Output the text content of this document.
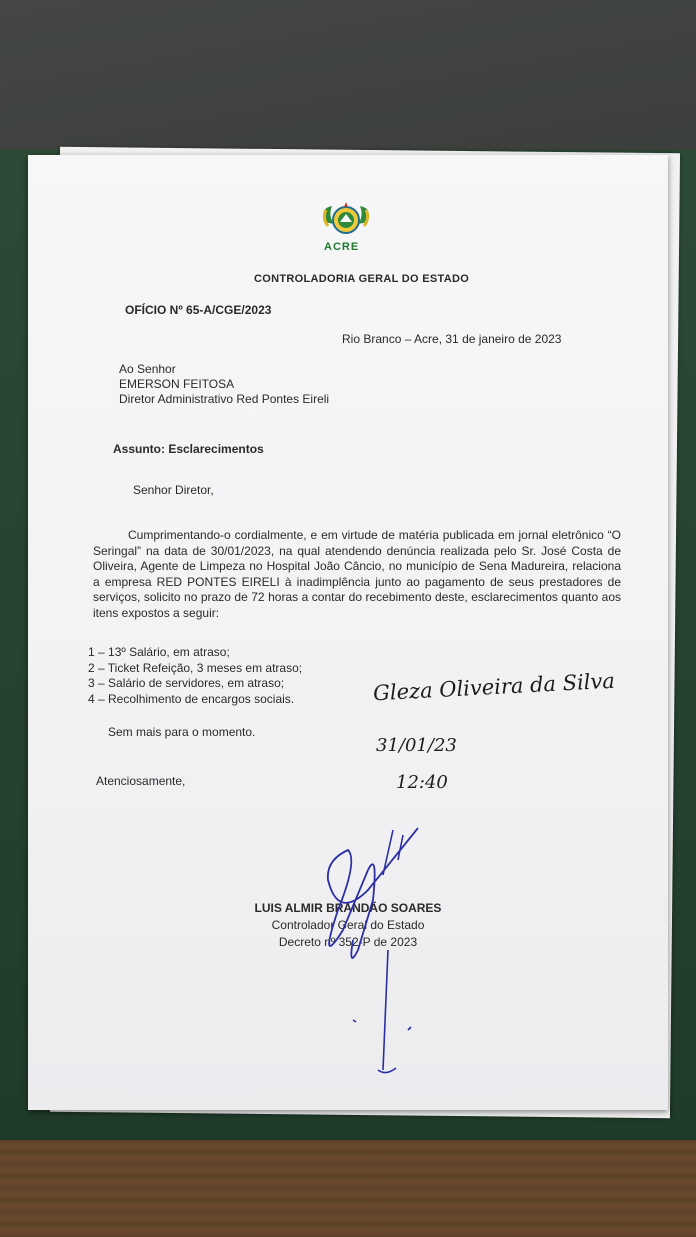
ACRE
CONTROLADORIA GERAL DO ESTADO
OFÍCIO Nº 65-A/CGE/2023
Rio Branco – Acre, 31 de janeiro de 2023
Ao Senhor
EMERSON FEITOSA
Diretor Administrativo Red Pontes Eireli
Assunto: Esclarecimentos
Senhor Diretor,
Cumprimentando-o cordialmente, e em virtude de matéria publicada em jornal eletrônico “O Seringal” na data de 30/01/2023, na qual atendendo denúncia realizada pelo Sr. José Costa de Oliveira, Agente de Limpeza no Hospital João Câncio, no município de Sena Madureira, relaciona a empresa RED PONTES EIRELI à inadimplência junto ao pagamento de seus prestadores de serviços, solicito no prazo de 72 horas a contar do recebimento deste, esclarecimentos quanto aos itens expostos a seguir:
1 – 13º Salário, em atraso;
2 – Ticket Refeição, 3 meses em atraso;
3 – Salário de servidores, em atraso;
4 – Recolhimento de encargos sociais.
Sem mais para o momento.
Atenciosamente,
Gleza Oliveira da Silva
31/01/23
12:40
LUIS ALMIR BRANDÃO SOARES
Controlador Geral do Estado
Decreto nº 352-P de 2023
